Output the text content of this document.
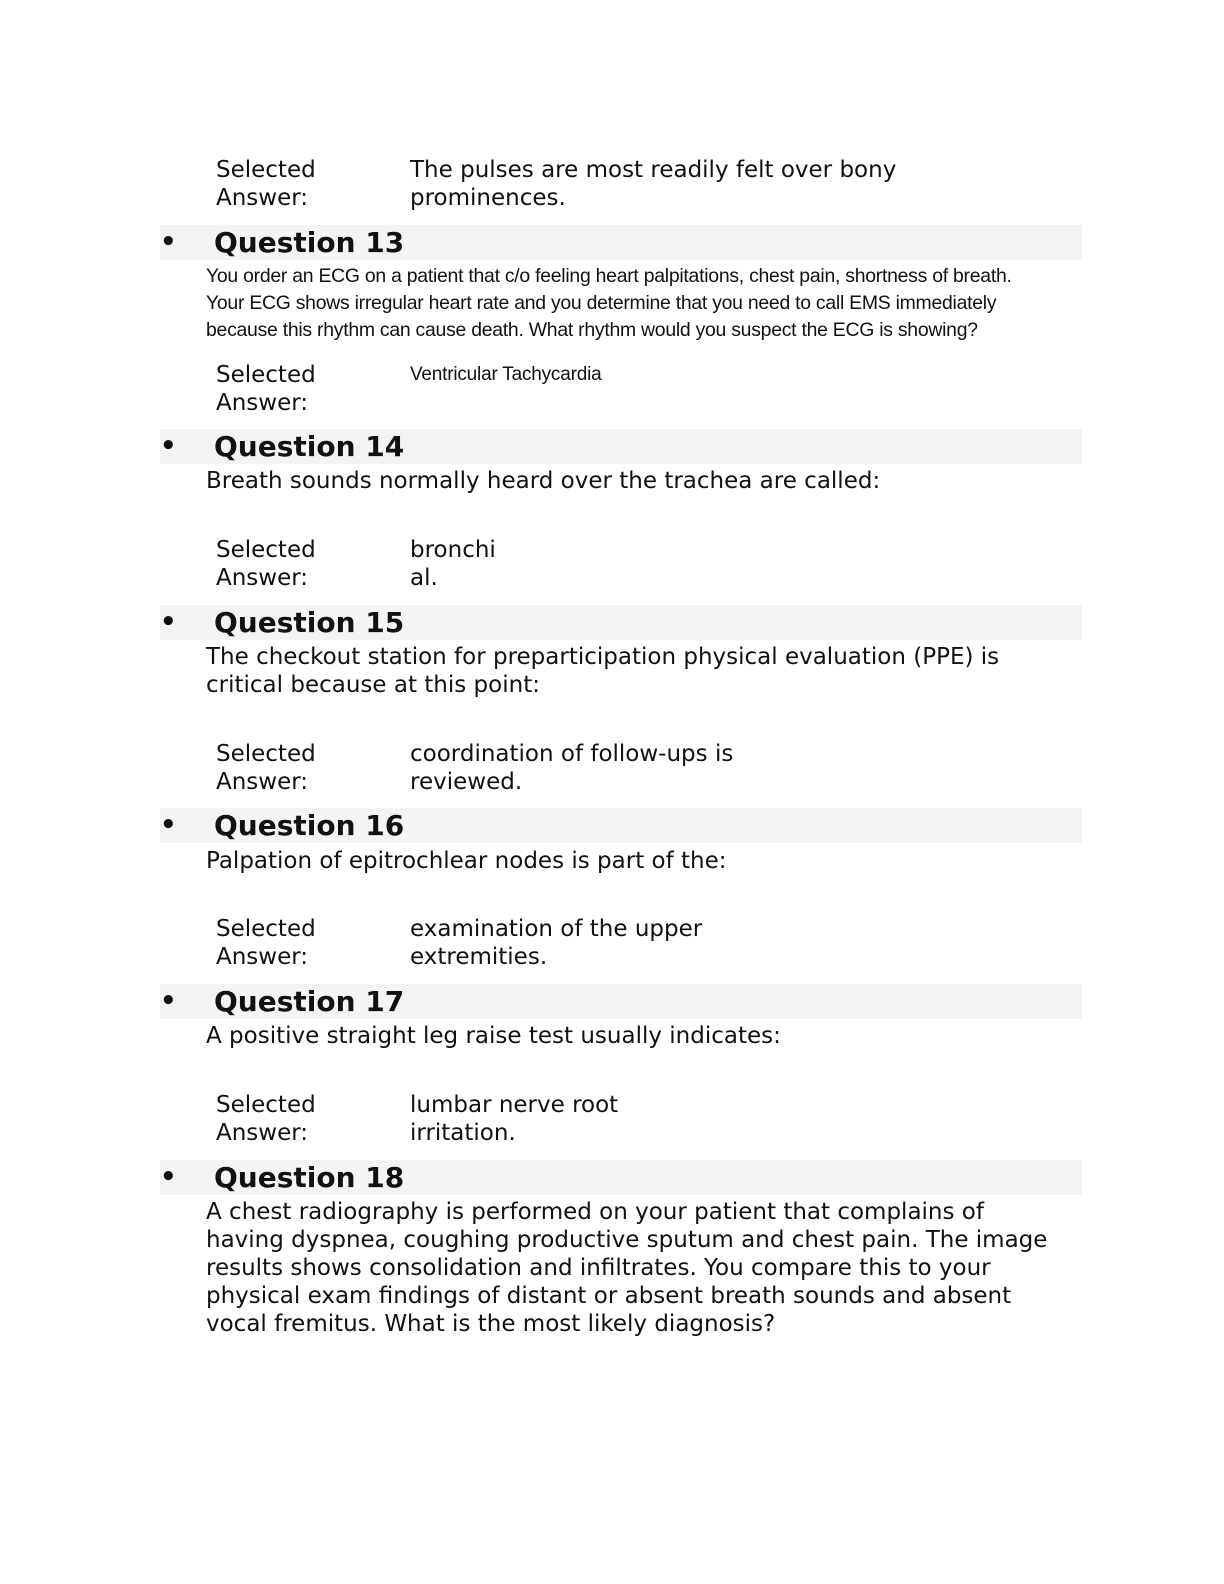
Selected
Answer:
The pulses are most readily felt over bony
prominences.
• Question 13
You order an ECG on a patient that c/o feeling heart palpitations, chest pain, shortness of breath.
Your ECG shows irregular heart rate and you determine that you need to call EMS immediately
because this rhythm can cause death. What rhythm would you suspect the ECG is showing?
Selected
Answer:
Ventricular Tachycardia
• Question 14
Breath sounds normally heard over the trachea are called:
Selected
Answer:
bronchi
al.
• Question 15
The checkout station for preparticipation physical evaluation (PPE) is
critical because at this point:
Selected
Answer:
coordination of follow-ups is
reviewed.
• Question 16
Palpation of epitrochlear nodes is part of the:
Selected
Answer:
examination of the upper
extremities.
• Question 17
A positive straight leg raise test usually indicates:
Selected
Answer:
lumbar nerve root
irritation.
• Question 18
A chest radiography is performed on your patient that complains of
having dyspnea, coughing productive sputum and chest pain. The image
results shows consolidation and infiltrates. You compare this to your
physical exam findings of distant or absent breath sounds and absent
vocal fremitus. What is the most likely diagnosis?
